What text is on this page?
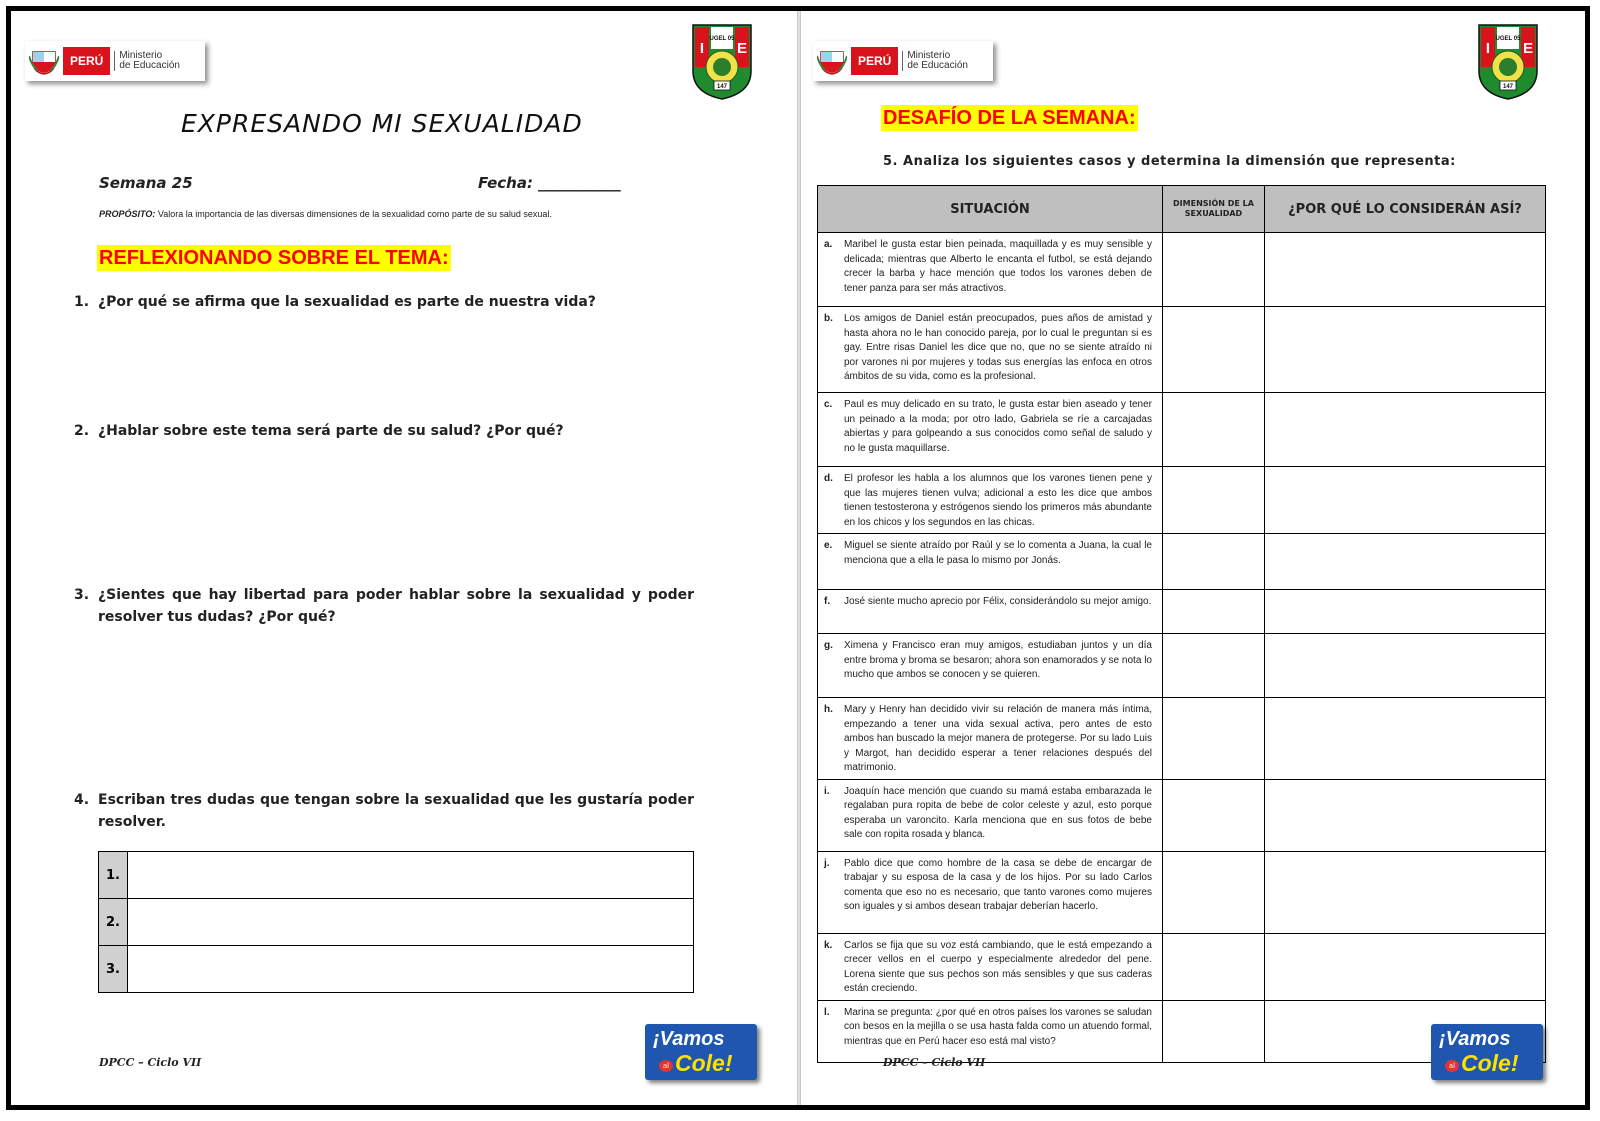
PERÚ	Ministerio
de Educación
I E
UGEL 05
147
EXPRESANDO MI SEXUALIDAD
Semana 25	Fecha: ___________
PROPÓSITO: Valora la importancia de las diversas dimensiones de la sexualidad como parte de su salud sexual.
REFLEXIONANDO SOBRE EL TEMA:
1. ¿Por qué se afirma que la sexualidad es parte de nuestra vida?
2. ¿Hablar sobre este tema será parte de su salud? ¿Por qué?
3. ¿Sientes que hay libertad para poder hablar sobre la sexualidad y poder resolver tus dudas? ¿Por qué?
4. Escriban tres dudas que tengan sobre la sexualidad que les gustaría poder resolver.
1.	
2.	
3.	
DPCC – Ciclo VII
¡Vamos
al Cole!
PERÚ	Ministerio
de Educación
I E
UGEL 05
147
DESAFÍO DE LA SEMANA:
5. Analiza los siguientes casos y determina la dimensión que representa:
SITUACIÓN	DIMENSIÓN DE LA SEXUALIDAD	¿POR QUÉ LO CONSIDERÁN ASÍ?
a. Maribel le gusta estar bien peinada, maquillada y es muy sensible y delicada; mientras que Alberto le encanta el futbol, se está dejando crecer la barba y hace mención que todos los varones deben de tener panza para ser más atractivos.		
b. Los amigos de Daniel están preocupados, pues años de amistad y hasta ahora no le han conocido pareja, por lo cual le preguntan si es gay. Entre risas Daniel les dice que no, que no se siente atraído ni por varones ni por mujeres y todas sus energías las enfoca en otros ámbitos de su vida, como es la profesional.		
c. Paul es muy delicado en su trato, le gusta estar bien aseado y tener un peinado a la moda; por otro lado, Gabriela se ríe a carcajadas abiertas y para golpeando a sus conocidos como señal de saludo y no le gusta maquillarse.		
d. El profesor les habla a los alumnos que los varones tienen pene y que las mujeres tienen vulva; adicional a esto les dice que ambos tienen testosterona y estrógenos siendo los primeros más abundante en los chicos y los segundos en las chicas.		
e. Miguel se siente atraído por Raúl y se lo comenta a Juana, la cual le menciona que a ella le pasa lo mismo por Jonás.		
f. José siente mucho aprecio por Félix, considerándolo su mejor amigo.		
g. Ximena y Francisco eran muy amigos, estudiaban juntos y un día entre broma y broma se besaron; ahora son enamorados y se nota lo mucho que ambos se conocen y se quieren.		
h. Mary y Henry han decidido vivir su relación de manera más íntima, empezando a tener una vida sexual activa, pero antes de esto ambos han buscado la mejor manera de protegerse. Por su lado Luis y Margot, han decidido esperar a tener relaciones después del matrimonio.		
i. Joaquín hace mención que cuando su mamá estaba embarazada le regalaban pura ropita de bebe de color celeste y azul, esto porque esperaba un varoncito. Karla menciona que en sus fotos de bebe sale con ropita rosada y blanca.		
j. Pablo dice que como hombre de la casa se debe de encargar de trabajar y su esposa de la casa y de los hijos. Por su lado Carlos comenta que eso no es necesario, que tanto varones como mujeres son iguales y si ambos desean trabajar deberían hacerlo.		
k. Carlos se fija que su voz está cambiando, que le está empezando a crecer vellos en el cuerpo y especialmente alrededor del pene. Lorena siente que sus pechos son más sensibles y que sus caderas están creciendo.		
l. Marina se pregunta: ¿por qué en otros países los varones se saludan con besos en la mejilla o se usa hasta falda como un atuendo formal, mientras que en Perú hacer eso está mal visto?		
DPCC – Ciclo VII
¡Vamos
al Cole!
